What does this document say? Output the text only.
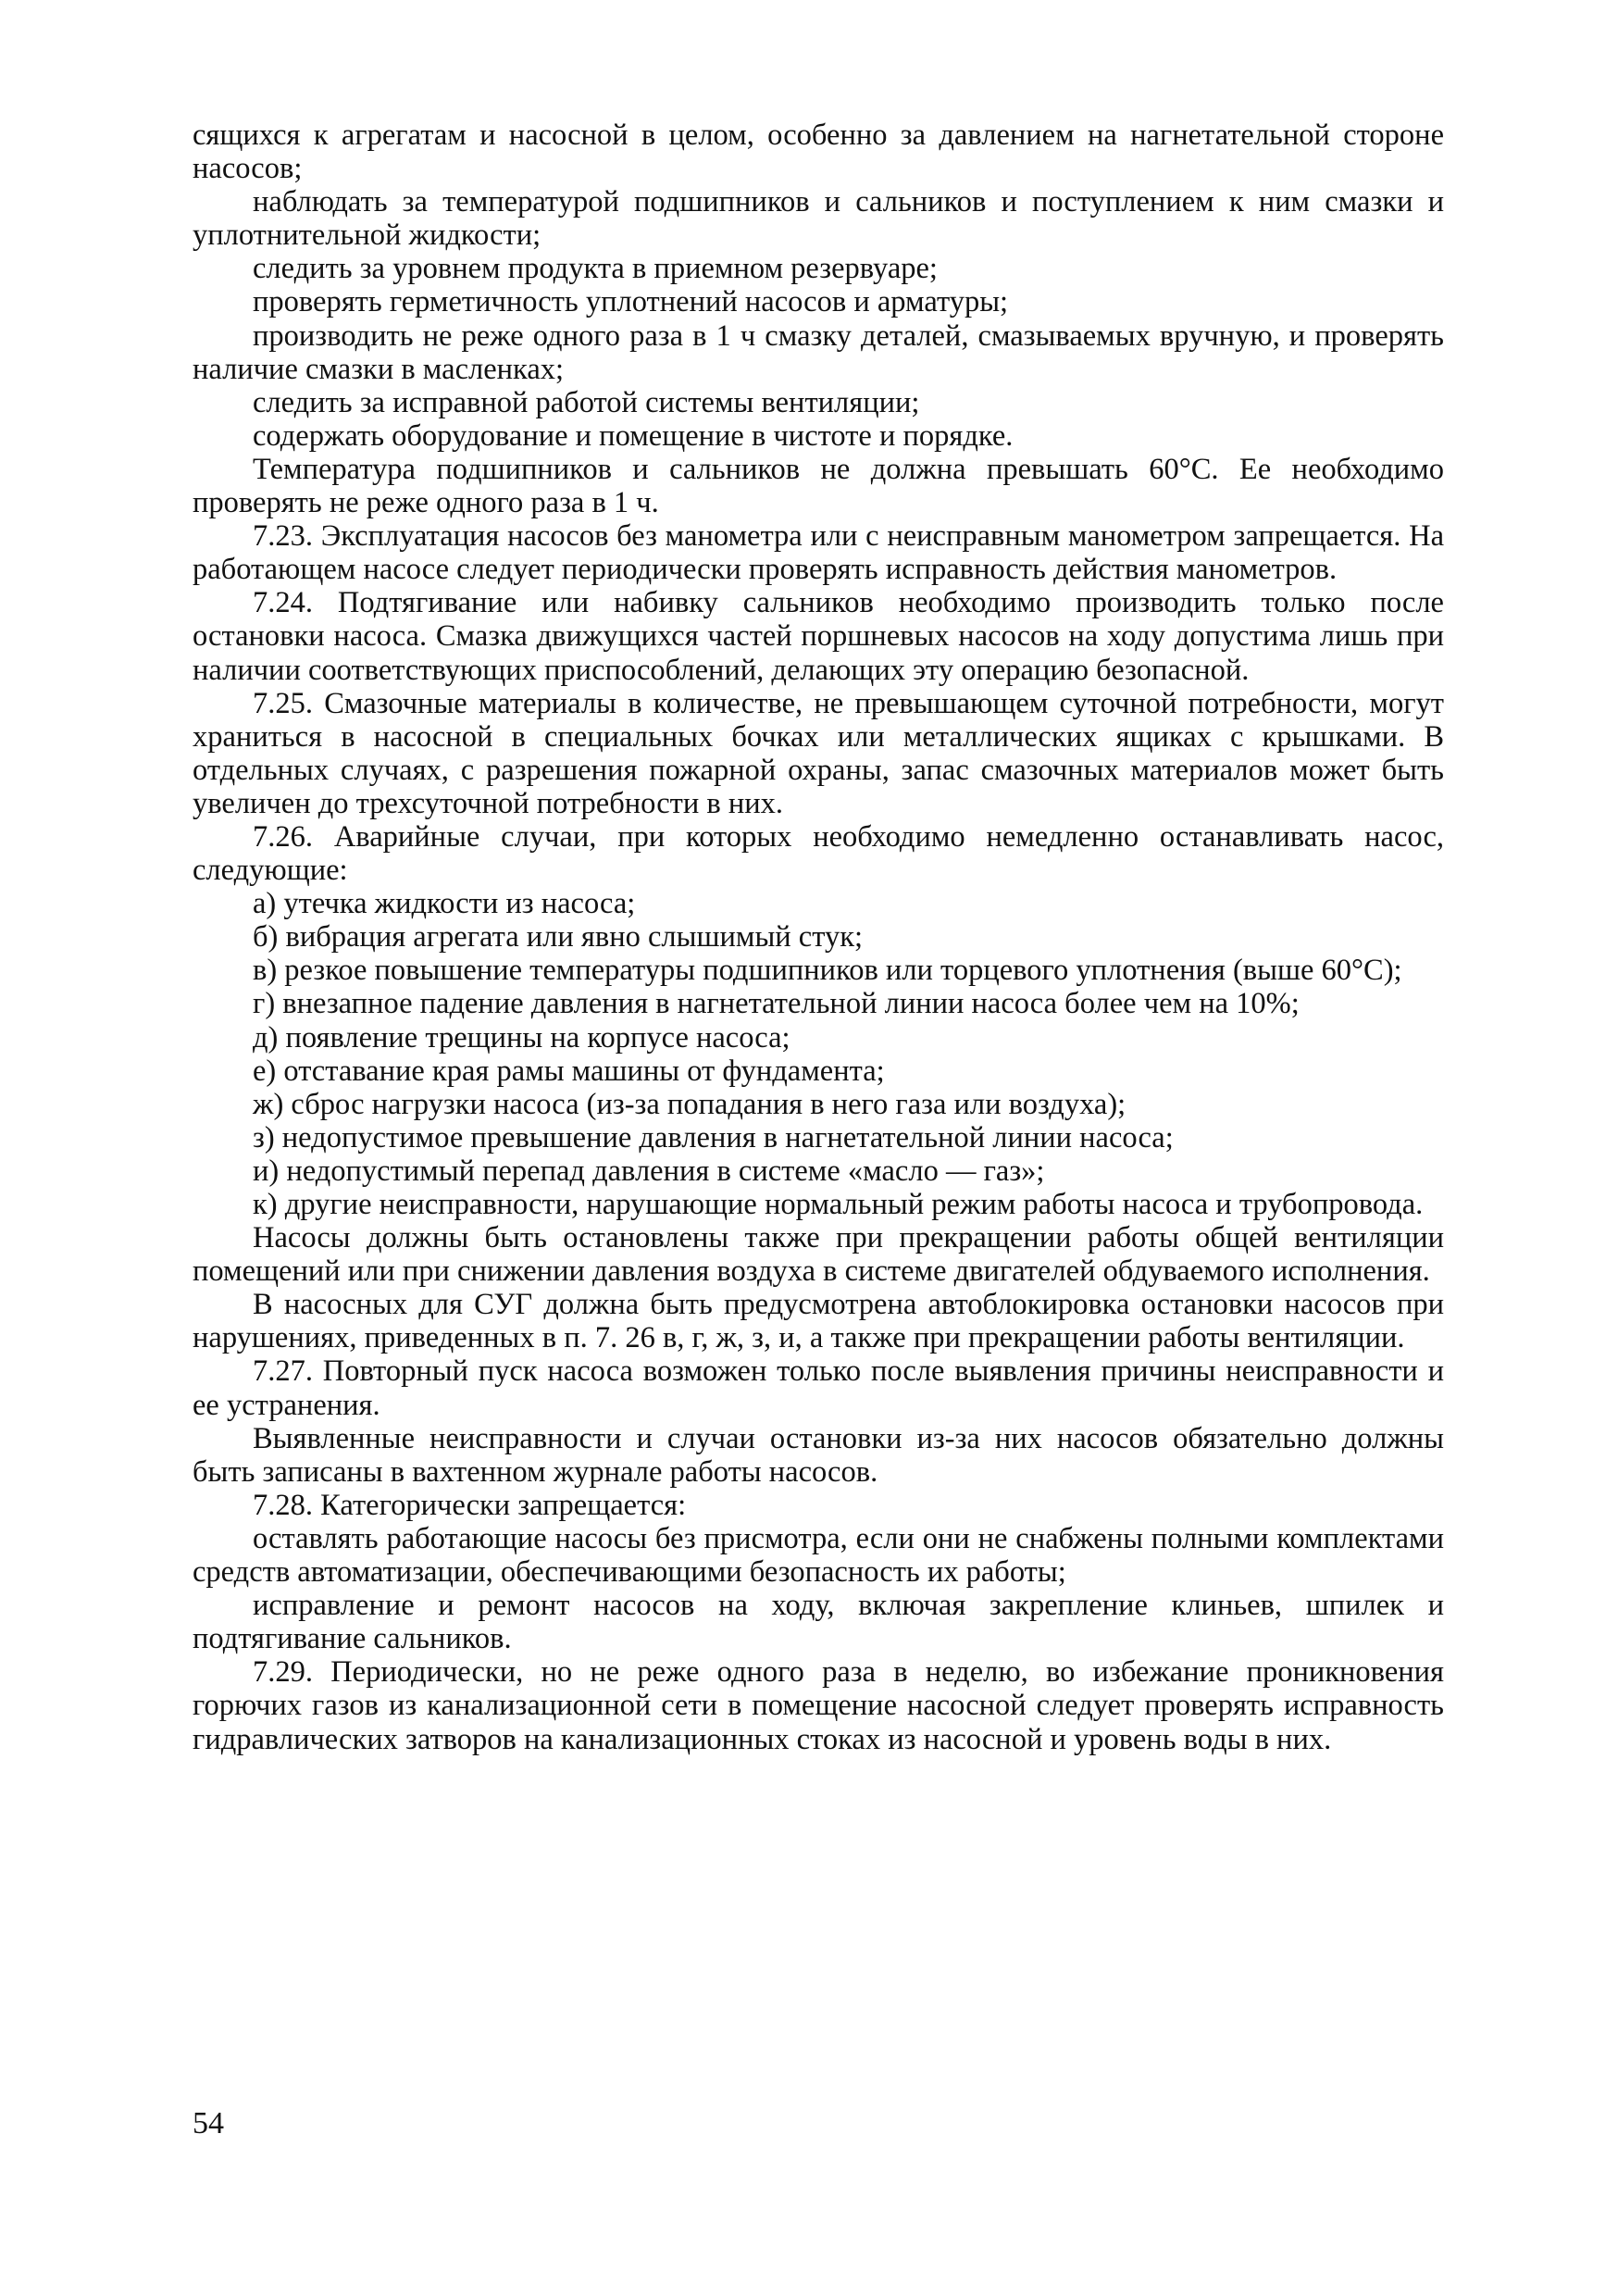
сящихся к агрегатам и насосной в целом, особенно за давлением на нагнетательной стороне насосов;

наблюдать за температурой подшипников и сальников и поступлением к ним смазки и уплотнительной жидкости;

следить за уровнем продукта в приемном резервуаре;

проверять герметичность уплотнений насосов и арматуры;

производить не реже одного раза в 1 ч смазку деталей, смазываемых вручную, и проверять наличие смазки в масленках;

следить за исправной работой системы вентиляции;

содержать оборудование и помещение в чистоте и порядке.

Температура подшипников и сальников не должна превышать 60°С. Ее необходимо проверять не реже одного раза в 1 ч.

7.23. Эксплуатация насосов без манометра или с неисправным манометром запрещается. На работающем насосе следует периодически проверять исправность действия манометров.

7.24. Подтягивание или набивку сальников необходимо производить только после остановки насоса. Смазка движущихся частей поршневых насосов на ходу допустима лишь при наличии соответствующих приспособлений, делающих эту операцию безопасной.

7.25. Смазочные материалы в количестве, не превышающем суточной потребности, могут храниться в насосной в специальных бочках или металлических ящиках с крышками. В отдельных случаях, с разрешения пожарной охраны, запас смазочных материалов может быть увеличен до трехсуточной потребности в них.

7.26. Аварийные случаи, при которых необходимо немедленно останавливать насос, следующие:

а) утечка жидкости из насоса;

б) вибрация агрегата или явно слышимый стук;

в) резкое повышение температуры подшипников или торцевого уплотнения (выше 60°С);

г) внезапное падение давления в нагнетательной линии насоса более чем на 10%;

д) появление трещины на корпусе насоса;

е) отставание края рамы машины от фундамента;

ж) сброс нагрузки насоса (из-за попадания в него газа или воздуха);

з) недопустимое превышение давления в нагнетательной линии насоса;

и) недопустимый перепад давления в системе «масло — газ»;

к) другие неисправности, нарушающие нормальный режим работы насоса и трубопровода.

Насосы должны быть остановлены также при прекращении работы общей вентиляции помещений или при снижении давления воздуха в системе двигателей обдуваемого исполнения.

В насосных для СУГ должна быть предусмотрена автоблокировка остановки насосов при нарушениях, приведенных в п. 7. 26 в, г, ж, з, и, а также при прекращении работы вентиляции.

7.27. Повторный пуск насоса возможен только после выявления причины неисправности и ее устранения.

Выявленные неисправности и случаи остановки из-за них насосов обязательно должны быть записаны в вахтенном журнале работы насосов.

7.28. Категорически запрещается:

оставлять работающие насосы без присмотра, если они не снабжены полными комплектами средств автоматизации, обеспечивающими безопасность их работы;

исправление и ремонт насосов на ходу, включая закрепление клиньев, шпилек и подтягивание сальников.

7.29. Периодически, но не реже одного раза в неделю, во избежание проникновения горючих газов из канализационной сети в помещение насосной следует проверять исправность гидравлических затворов на канализационных стоках из насосной и уровень воды в них.

54
